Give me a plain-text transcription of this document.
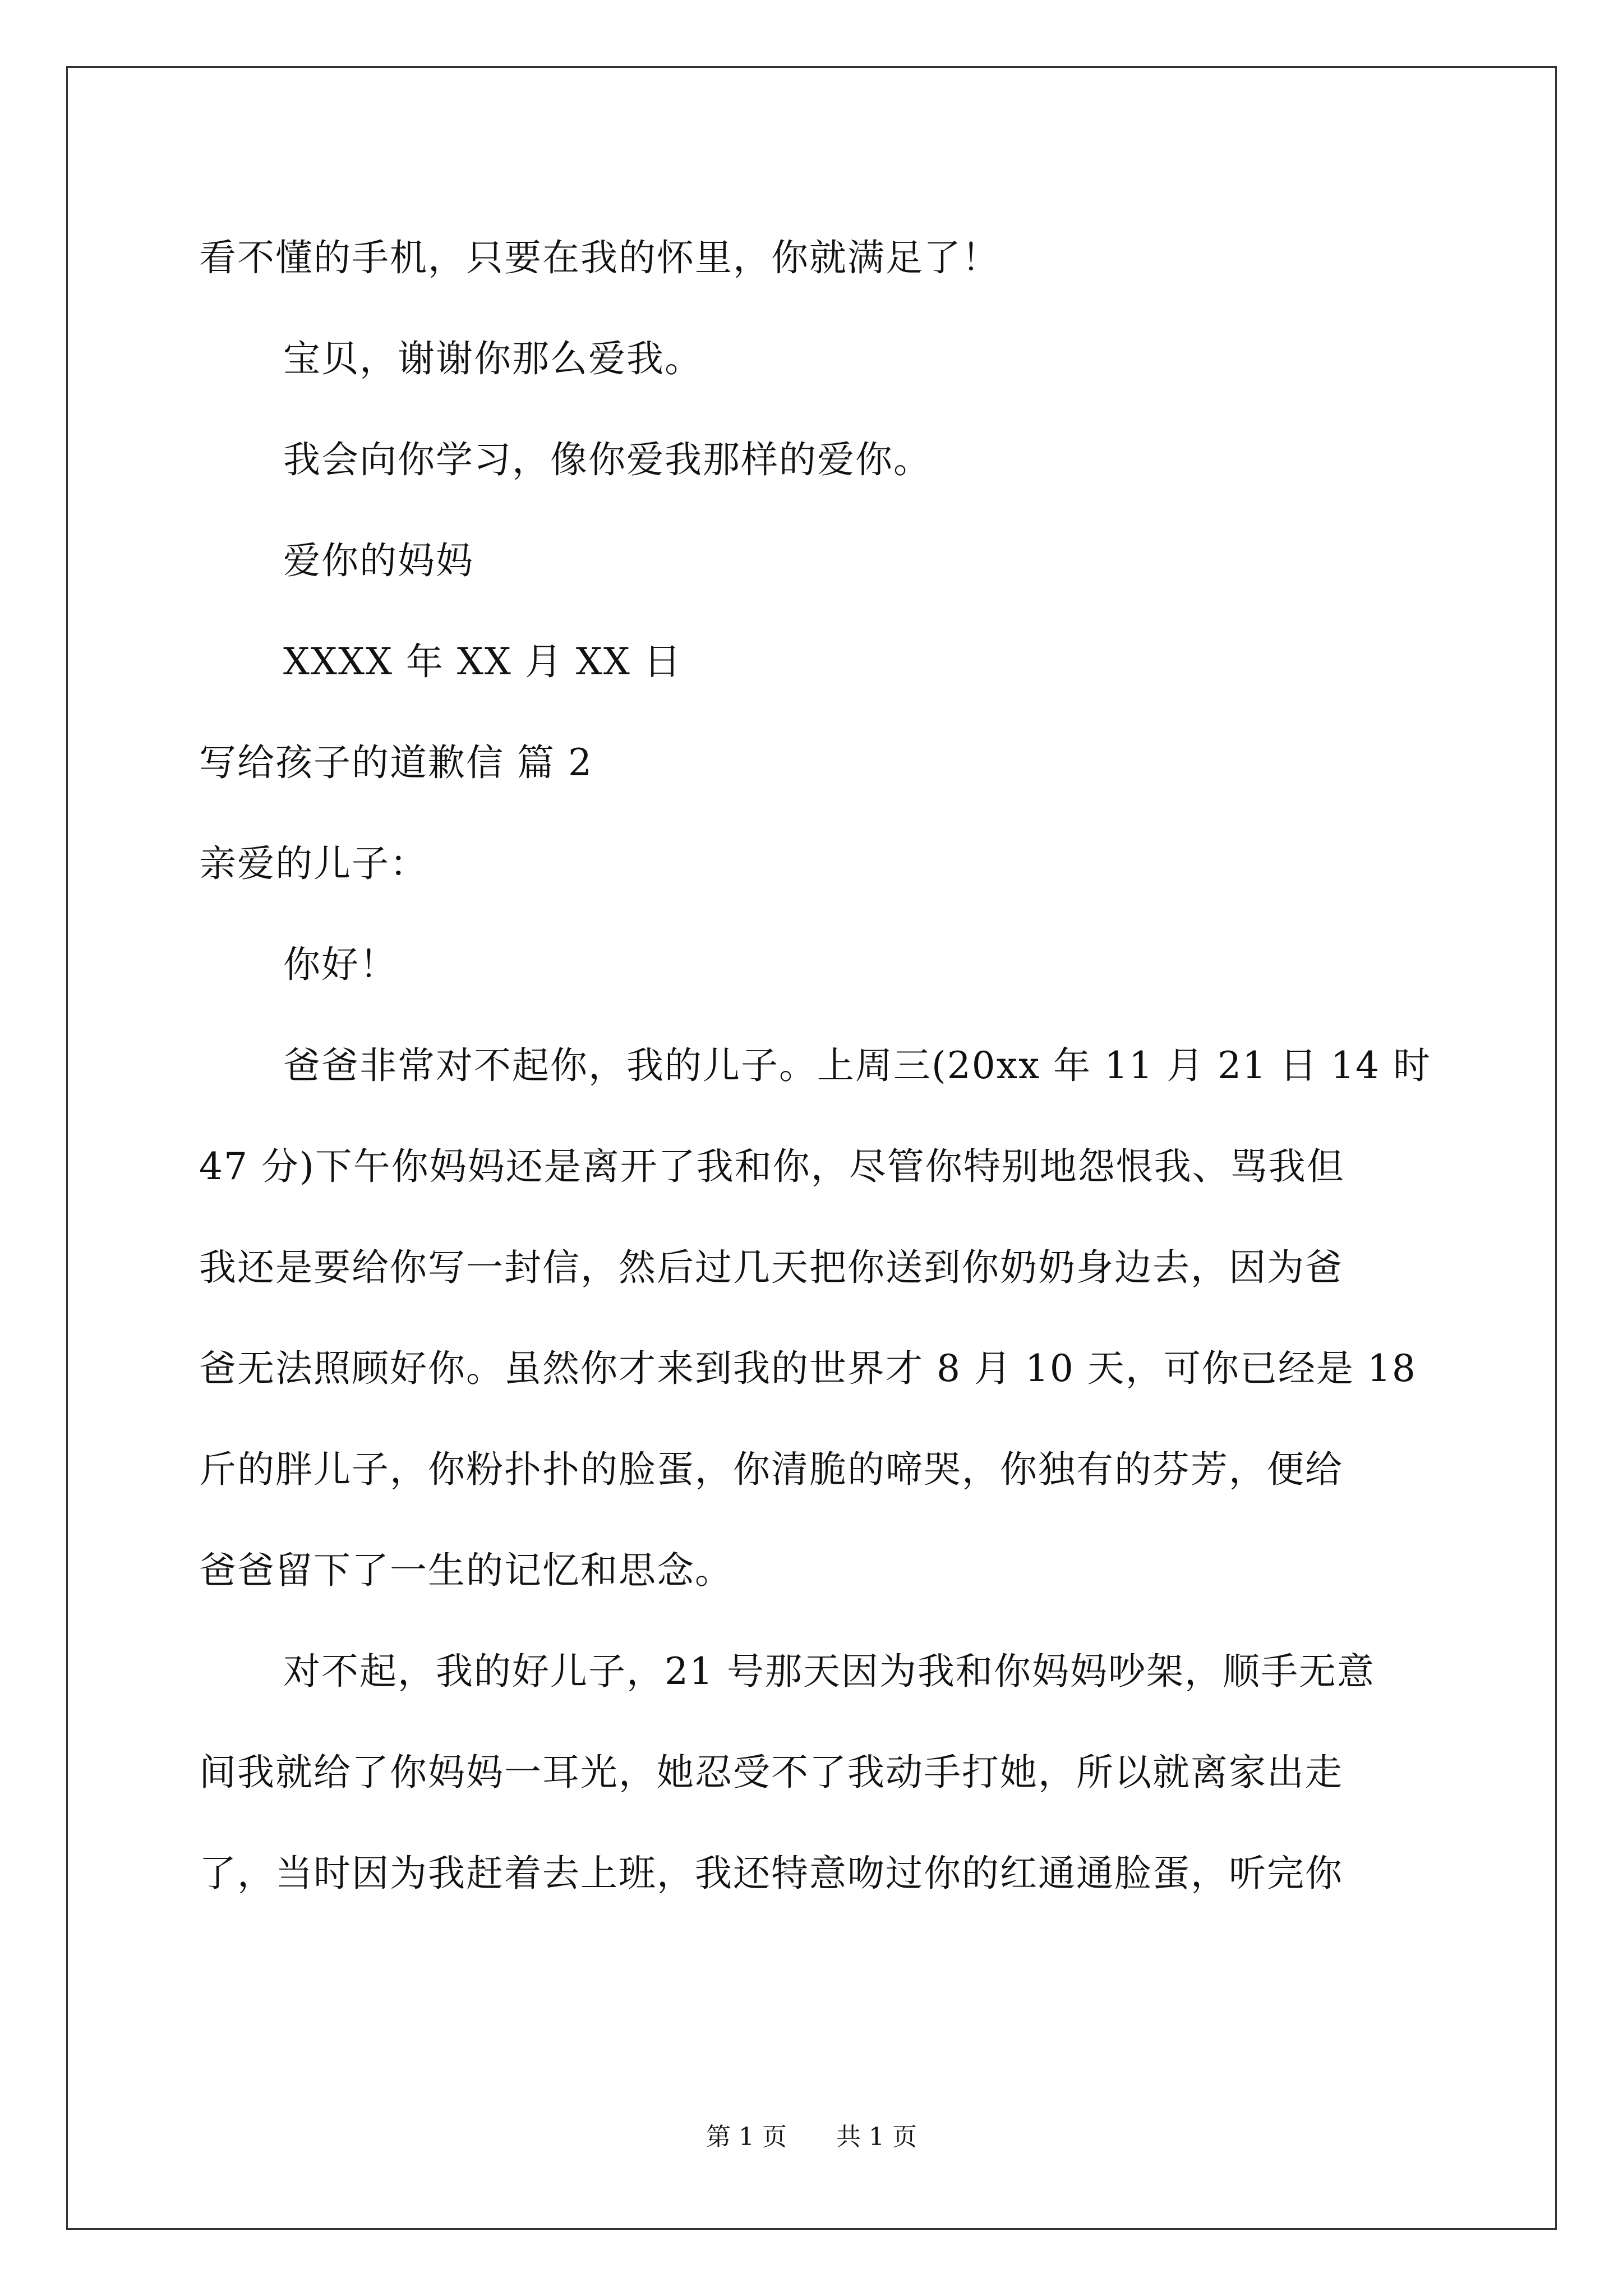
看不懂的手机，只要在我的怀里，你就满足了！
宝贝，谢谢你那么爱我。
我会向你学习，像你爱我那样的爱你。
爱你的妈妈
XXXX 年 XX 月 XX 日
写给孩子的道歉信 篇 2
亲爱的儿子：
你好！
爸爸非常对不起你，我的儿子。上周三(20xx 年 11 月 21 日 14 时
47 分)下午你妈妈还是离开了我和你，尽管你特别地怨恨我、骂我但
我还是要给你写一封信，然后过几天把你送到你奶奶身边去，因为爸
爸无法照顾好你。虽然你才来到我的世界才 8 月 10 天，可你已经是 18
斤的胖儿子，你粉扑扑的脸蛋，你清脆的啼哭，你独有的芬芳，便给
爸爸留下了一生的记忆和思念。
对不起，我的好儿子，21 号那天因为我和你妈妈吵架，顺手无意
间我就给了你妈妈一耳光，她忍受不了我动手打她，所以就离家出走
了，当时因为我赶着去上班，我还特意吻过你的红通通脸蛋，听完你
第 1 页 共 1 页
